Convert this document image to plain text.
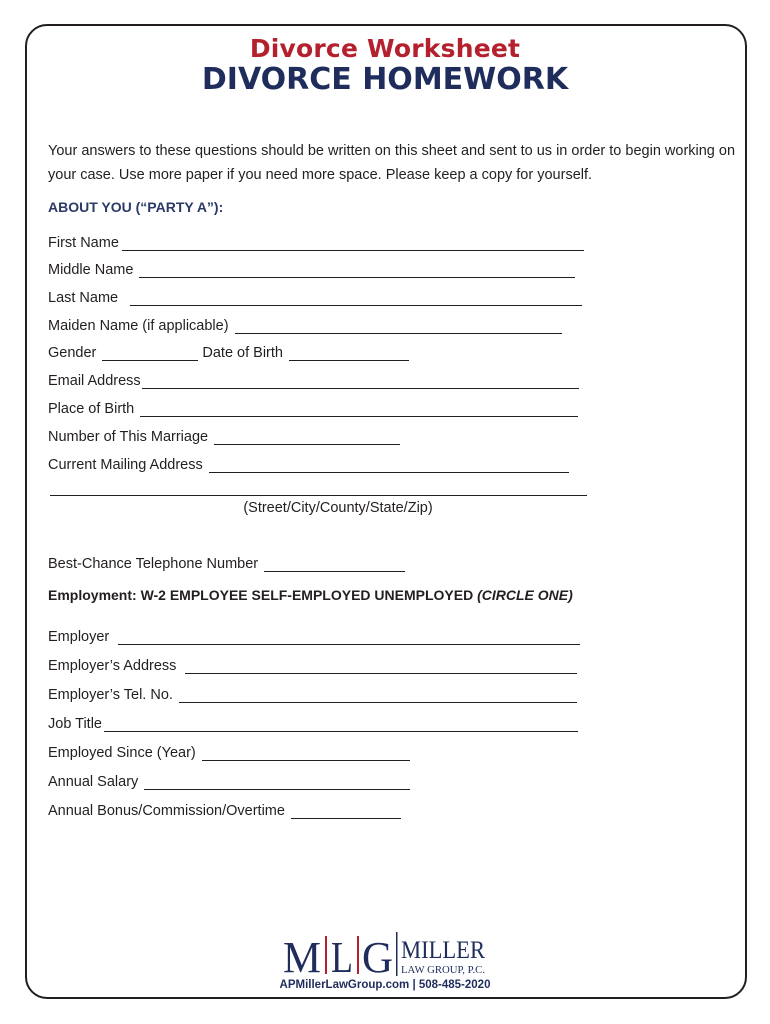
Divorce Worksheet
DIVORCE HOMEWORK

Your answers to these questions should be written on this sheet and sent to us in order to begin working on your case. Use more paper if you need more space. Please keep a copy for yourself.

ABOUT YOU (“PARTY A”):

First Name
Middle Name
Last Name
Maiden Name (if applicable)
Gender	Date of Birth
Email Address
Place of Birth
Number of This Marriage
Current Mailing Address
(Street/City/County/State/Zip)
Best-Chance Telephone Number

Employment: W-2 EMPLOYEE SELF-EMPLOYED UNEMPLOYED (CIRCLE ONE)

Employer
Employer’s Address
Employer’s Tel. No.
Job Title
Employed Since (Year)
Annual Salary
Annual Bonus/Commission/Overtime
M L G MILLER
LAW GROUP, P.C.
APMillerLawGroup.com | 508-485-2020
